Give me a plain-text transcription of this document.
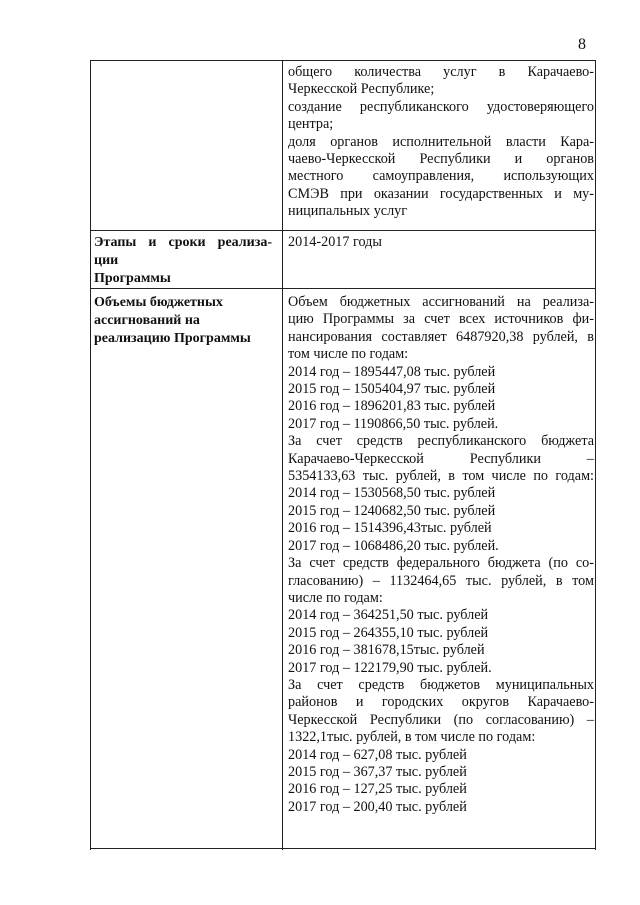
8
общего количества услуг в Карачаево-
Черкесской Республике;
создание республиканского удостоверяющего
центра;
доля органов исполнительной власти Кара-
чаево-Черкесской Республики и органов
местного самоуправления, использующих
СМЭВ при оказании государственных и му-
ниципальных услуг
Этапы и сроки реализа-
ции
Программы
2014-2017 годы
Объемы бюджетных
ассигнований на
реализацию Программы
Объем бюджетных ассигнований на реализа-
цию Программы за счет всех источников фи-
нансирования составляет 6487920,38 рублей, в
том числе по годам:
2014 год – 1895447,08 тыс. рублей
2015 год – 1505404,97 тыс. рублей
2016 год – 1896201,83 тыс. рублей
2017 год – 1190866,50 тыс. рублей.
За счет средств республиканского бюджета
Карачаево-Черкесской Республики –
5354133,63 тыс. рублей, в том числе по годам:
2014 год – 1530568,50 тыс. рублей
2015 год – 1240682,50 тыс. рублей
2016 год – 1514396,43тыс. рублей
2017 год – 1068486,20 тыс. рублей.
За счет средств федерального бюджета (по со-
гласованию) – 1132464,65 тыс. рублей, в том
числе по годам:
2014 год – 364251,50 тыс. рублей
2015 год – 264355,10 тыс. рублей
2016 год – 381678,15тыс. рублей
2017 год – 122179,90 тыс. рублей.
За счет средств бюджетов муниципальных
районов и городских округов Карачаево-
Черкесской Республики (по согласованию) –
1322,1тыс. рублей, в том числе по годам:
2014 год – 627,08 тыс. рублей
2015 год – 367,37 тыс. рублей
2016 год – 127,25 тыс. рублей
2017 год – 200,40 тыс. рублей
